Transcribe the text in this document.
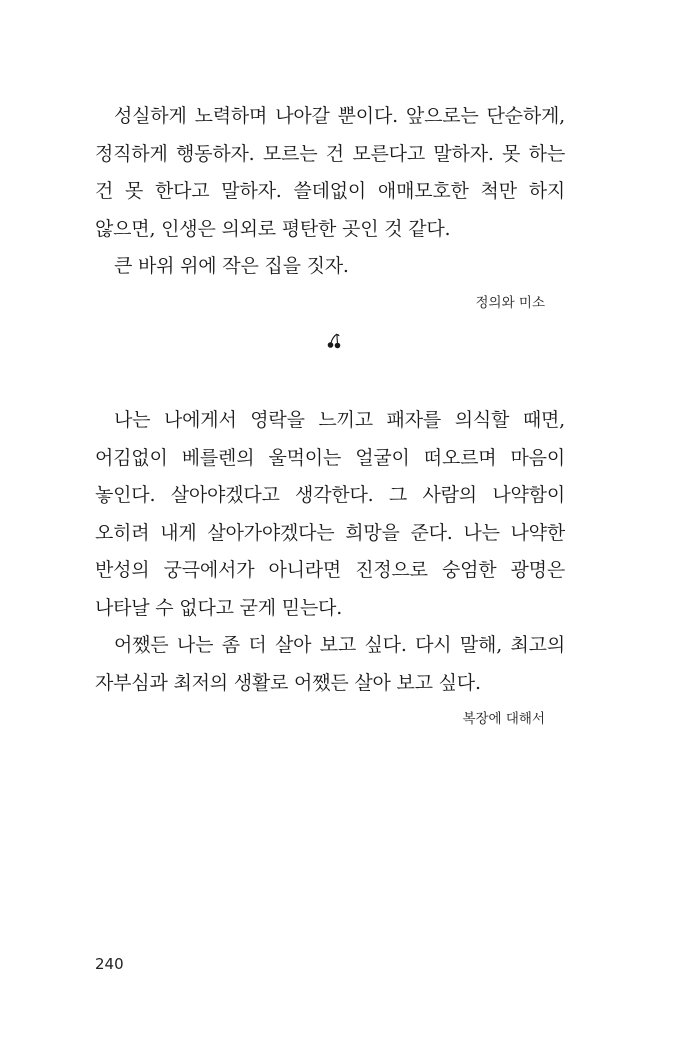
성실하게 노력하며 나아갈 뿐이다. 앞으로는 단순하게, 정직하게 행동하자. 모르는 건 모른다고 말하자. 못 하는 건 못 한다고 말하자. 쓸데없이 애매모호한 척만 하지 않으면, 인생은 의외로 평탄한 곳인 것 같다.

큰 바위 위에 작은 집을 짓자.

정의와 미소

나는 나에게서 영락을 느끼고 패자를 의식할 때면, 어김없이 베를렌의 울먹이는 얼굴이 떠오르며 마음이 놓인다. 살아야겠다고 생각한다. 그 사람의 나약함이 오히려 내게 살아가야겠다는 희망을 준다. 나는 나약한 반성의 궁극에서가 아니라면 진정으로 숭엄한 광명은 나타날 수 없다고 굳게 믿는다.

어쨌든 나는 좀 더 살아 보고 싶다. 다시 말해, 최고의 자부심과 최저의 생활로 어쨌든 살아 보고 싶다.

복장에 대해서

240
